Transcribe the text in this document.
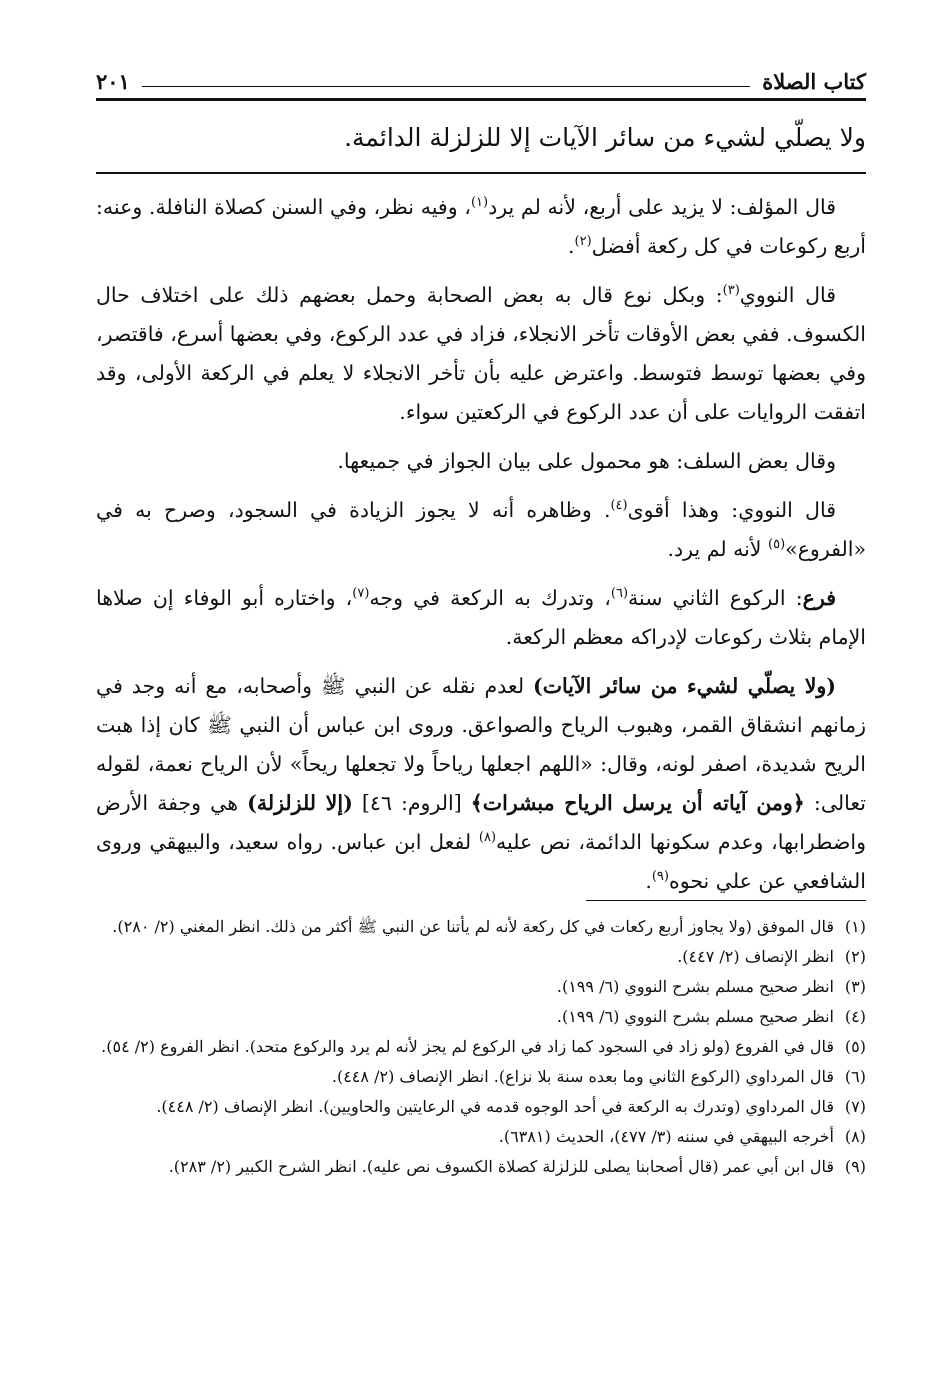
كتاب الصلاة
٢٠١
ولا يصلّي لشيء من سائر الآيات إلا للزلزلة الدائمة.

قال المؤلف: لا يزيد على أربع، لأنه لم يرد$^{(١)}$، وفيه نظر، وفي السنن كصلاة النافلة. وعنه: أربع ركوعات في كل ركعة أفضل$^{(٢)}$.

قال النووي$^{(٣)}$: وبكل نوع قال به بعض الصحابة وحمل بعضهم ذلك على اختلاف حال الكسوف. ففي بعض الأوقات تأخر الانجلاء، فزاد في عدد الركوع، وفي بعضها أسرع، فاقتصر، وفي بعضها توسط فتوسط. واعترض عليه بأن تأخر الانجلاء لا يعلم في الركعة الأولى، وقد اتفقت الروايات على أن عدد الركوع في الركعتين سواء.

وقال بعض السلف: هو محمول على بيان الجواز في جميعها.

قال النووي: وهذا أقوى$^{(٤)}$. وظاهره أنه لا يجوز الزيادة في السجود، وصرح به في «الفروع»$^{(٥)}$ لأنه لم يرد.

فرع: الركوع الثاني سنة$^{(٦)}$، وتدرك به الركعة في وجه$^{(٧)}$، واختاره أبو الوفاء إن صلاها الإمام بثلاث ركوعات لإدراكه معظم الركعة.

(ولا يصلّي لشيء من سائر الآيات) لعدم نقله عن النبي ﷺ وأصحابه، مع أنه وجد في زمانهم انشقاق القمر، وهبوب الرياح والصواعق. وروى ابن عباس أن النبي ﷺ كان إذا هبت الريح شديدة، اصفر لونه، وقال: «اللهم اجعلها رياحاً ولا تجعلها ريحاً» لأن الرياح نعمة، لقوله تعالى: ﴿ومن آياته أن يرسل الرياح مبشرات﴾ [الروم: ٤٦] (إلا للزلزلة) هي وجفة الأرض واضطرابها، وعدم سكونها الدائمة، نص عليه$^{(٨)}$ لفعل ابن عباس. رواه سعيد، والبيهقي وروى الشافعي عن علي نحوه$^{(٩)}$.

(١)
قال الموفق (ولا يجاوز أربع ركعات في كل ركعة لأنه لم يأتنا عن النبي ﷺ أكثر من ذلك. انظر المغني (٢/ ٢٨٠).
(٢)
انظر الإنصاف (٢/ ٤٤٧).
(٣)
انظر صحيح مسلم بشرح النووي (٦/ ١٩٩).
(٤)
انظر صحيح مسلم بشرح النووي (٦/ ١٩٩).
(٥)
قال في الفروع (ولو زاد في السجود كما زاد في الركوع لم يجز لأنه لم يرد والركوع متحد). انظر الفروع (٢/ ٥٤).
(٦)
قال المرداوي (الركوع الثاني وما بعده سنة بلا نزاع). انظر الإنصاف (٢/ ٤٤٨).
(٧)
قال المرداوي (وتدرك به الركعة في أحد الوجوه قدمه في الرعايتين والحاويين). انظر الإنصاف (٢/ ٤٤٨).
(٨)
أخرجه البيهقي في سننه (٣/ ٤٧٧)، الحديث (٦٣٨١).
(٩)
قال ابن أبي عمر (قال أصحابنا يصلى للزلزلة كصلاة الكسوف نص عليه). انظر الشرح الكبير (٢/ ٢٨٣).
